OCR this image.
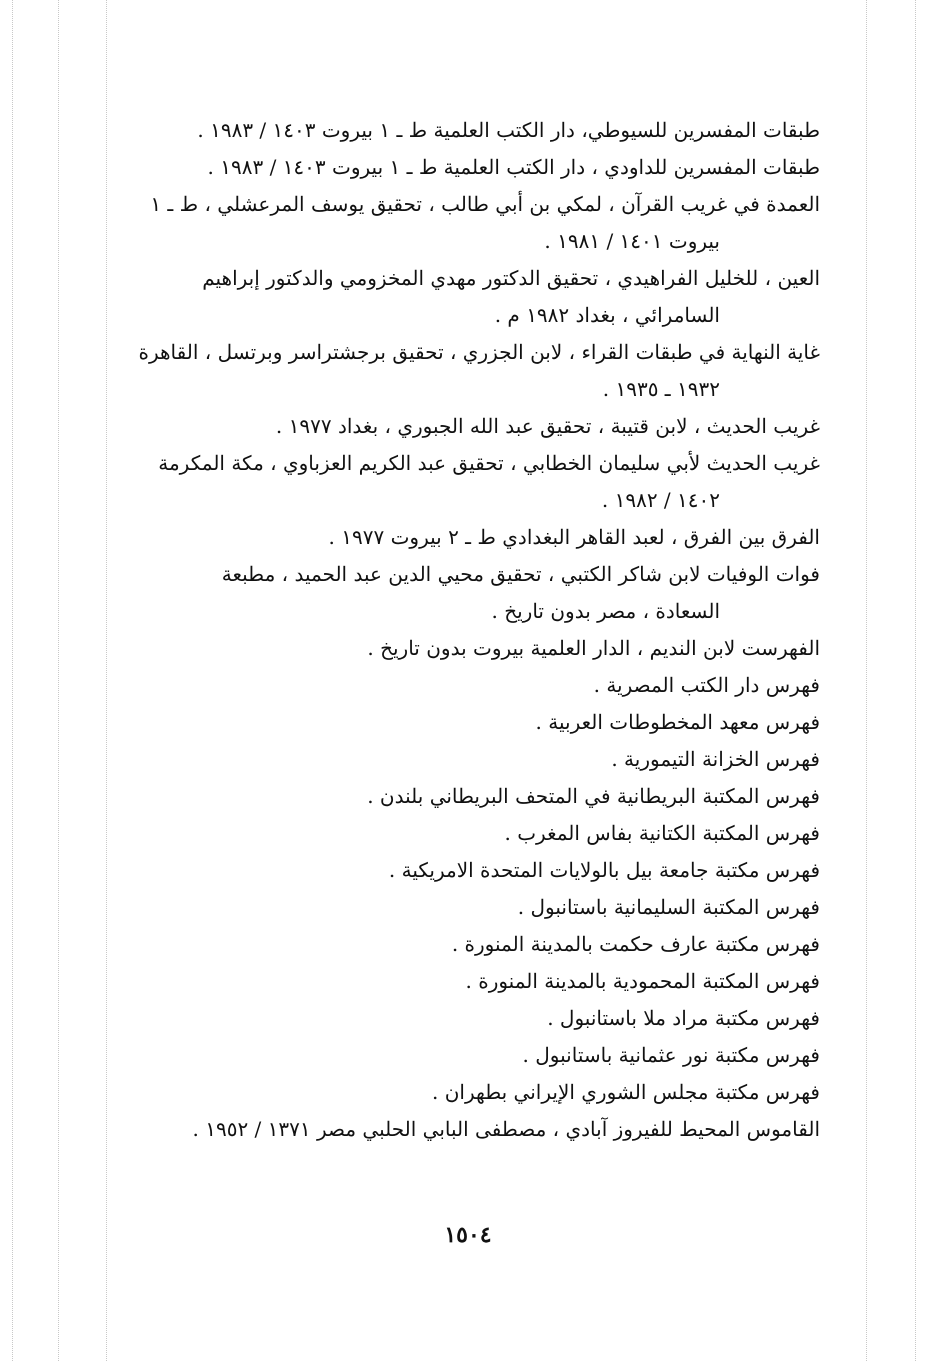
طبقات المفسرين للسيوطي، دار الكتب العلمية ط ـ ١ بيروت ١٤٠٣ / ١٩٨٣ .
طبقات المفسرين للداودي ، دار الكتب العلمية ط ـ ١ بيروت ١٤٠٣ / ١٩٨٣ .
العمدة في غريب القرآن ، لمكي بن أبي طالب ، تحقيق يوسف المرعشلي ، ط ـ ١
بيروت ١٤٠١ / ١٩٨١ .
العين ، للخليل الفراهيدي ، تحقيق الدكتور مهدي المخزومي والدكتور إبراهيم
السامرائي ، بغداد ١٩٨٢ م .
غاية النهاية في طبقات القراء ، لابن الجزري ، تحقيق برجشتراسر وبرتسل ، القاهرة
١٩٣٢ ـ ١٩٣٥ .
غريب الحديث ، لابن قتيبة ، تحقيق عبد الله الجبوري ، بغداد ١٩٧٧ .
غريب الحديث لأبي سليمان الخطابي ، تحقيق عبد الكريم العزباوي ، مكة المكرمة
١٤٠٢ / ١٩٨٢ .
الفرق بين الفرق ، لعبد القاهر البغدادي ط ـ ٢ بيروت ١٩٧٧ .
فوات الوفيات لابن شاكر الكتبي ، تحقيق محيي الدين عبد الحميد ، مطبعة
السعادة ، مصر بدون تاريخ .
الفهرست لابن النديم ، الدار العلمية بيروت بدون تاريخ .
فهرس دار الكتب المصرية .
فهرس معهد المخطوطات العربية .
فهرس الخزانة التيمورية .
فهرس المكتبة البريطانية في المتحف البريطاني بلندن .
فهرس المكتبة الكتانية بفاس المغرب .
فهرس مكتبة جامعة بيل بالولايات المتحدة الامريكية .
فهرس المكتبة السليمانية باستانبول .
فهرس مكتبة عارف حكمت بالمدينة المنورة .
فهرس المكتبة المحمودية بالمدينة المنورة .
فهرس مكتبة مراد ملا باستانبول .
فهرس مكتبة نور عثمانية باستانبول .
فهرس مكتبة مجلس الشوري الإيراني بطهران .
القاموس المحيط للفيروز آبادي ، مصطفى البابي الحلبي مصر ١٣٧١ / ١٩٥٢ .
١٥٠٤
